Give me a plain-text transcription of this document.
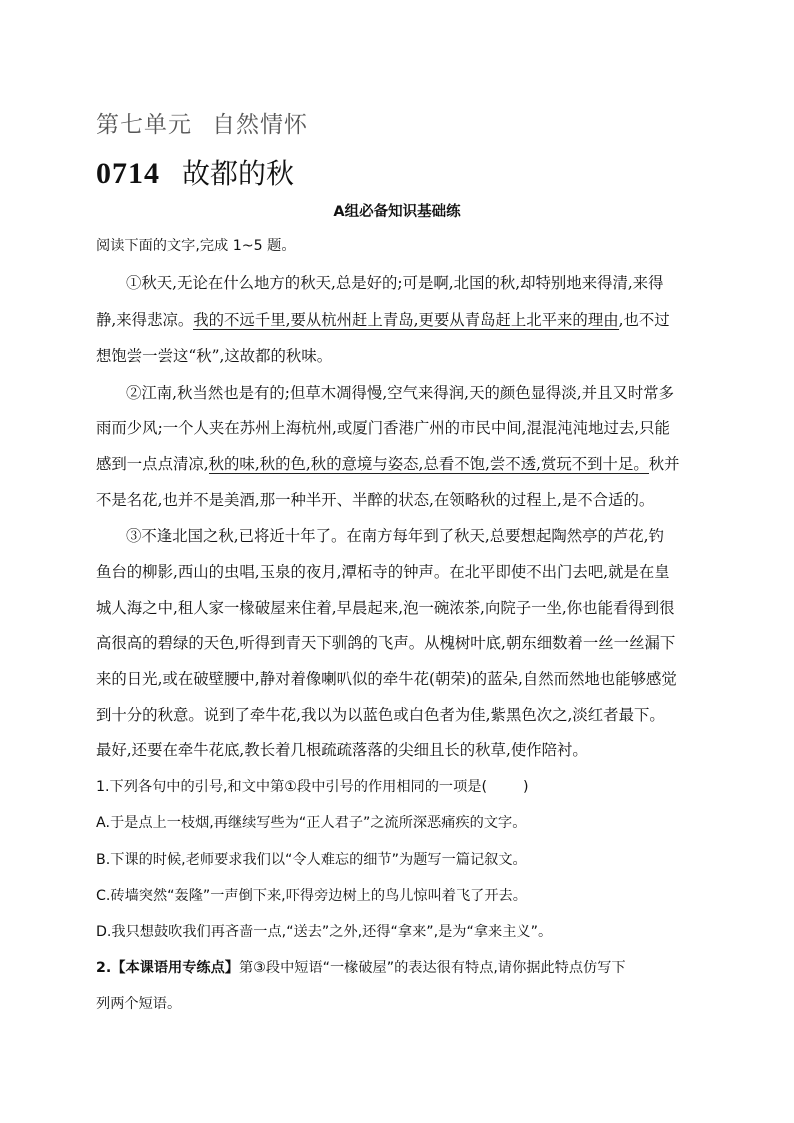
第七单元 自然情怀
0714 故都的秋
A组必备知识基础练
阅读下面的文字,完成 1~5 题。
①秋天,无论在什么地方的秋天,总是好的;可是啊,北国的秋,却特别地来得清,来得
静,来得悲凉。我的不远千里,要从杭州赶上青岛,更要从青岛赶上北平来的理由,也不过
想饱尝一尝这“秋”,这故都的秋味。
②江南,秋当然也是有的;但草木凋得慢,空气来得润,天的颜色显得淡,并且又时常多
雨而少风;一个人夹在苏州上海杭州,或厦门香港广州的市民中间,混混沌沌地过去,只能
感到一点点清凉,秋的味,秋的色,秋的意境与姿态,总看不饱,尝不透,赏玩不到十足。秋并
不是名花,也并不是美酒,那一种半开、半醉的状态,在领略秋的过程上,是不合适的。
③不逢北国之秋,已将近十年了。在南方每年到了秋天,总要想起陶然亭的芦花,钓
鱼台的柳影,西山的虫唱,玉泉的夜月,潭柘寺的钟声。在北平即使不出门去吧,就是在皇
城人海之中,租人家一椽破屋来住着,早晨起来,泡一碗浓茶,向院子一坐,你也能看得到很
高很高的碧绿的天色,听得到青天下驯鸽的飞声。从槐树叶底,朝东细数着一丝一丝漏下
来的日光,或在破壁腰中,静对着像喇叭似的牵牛花(朝荣)的蓝朵,自然而然地也能够感觉
到十分的秋意。说到了牵牛花,我以为以蓝色或白色者为佳,紫黑色次之,淡红者最下。
最好,还要在牵牛花底,教长着几根疏疏落落的尖细且长的秋草,使作陪衬。
1.下列各句中的引号,和文中第①段中引号的作用相同的一项是(	)
A.于是点上一枝烟,再继续写些为“正人君子”之流所深恶痛疾的文字。
B.下课的时候,老师要求我们以“令人难忘的细节”为题写一篇记叙文。
C.砖墙突然“轰隆”一声倒下来,吓得旁边树上的鸟儿惊叫着飞了开去。
D.我只想鼓吹我们再吝啬一点,“送去”之外,还得“拿来”,是为“拿来主义”。
2.【本课语用专练点】第③段中短语“一椽破屋”的表达很有特点,请你据此特点仿写下
列两个短语。
